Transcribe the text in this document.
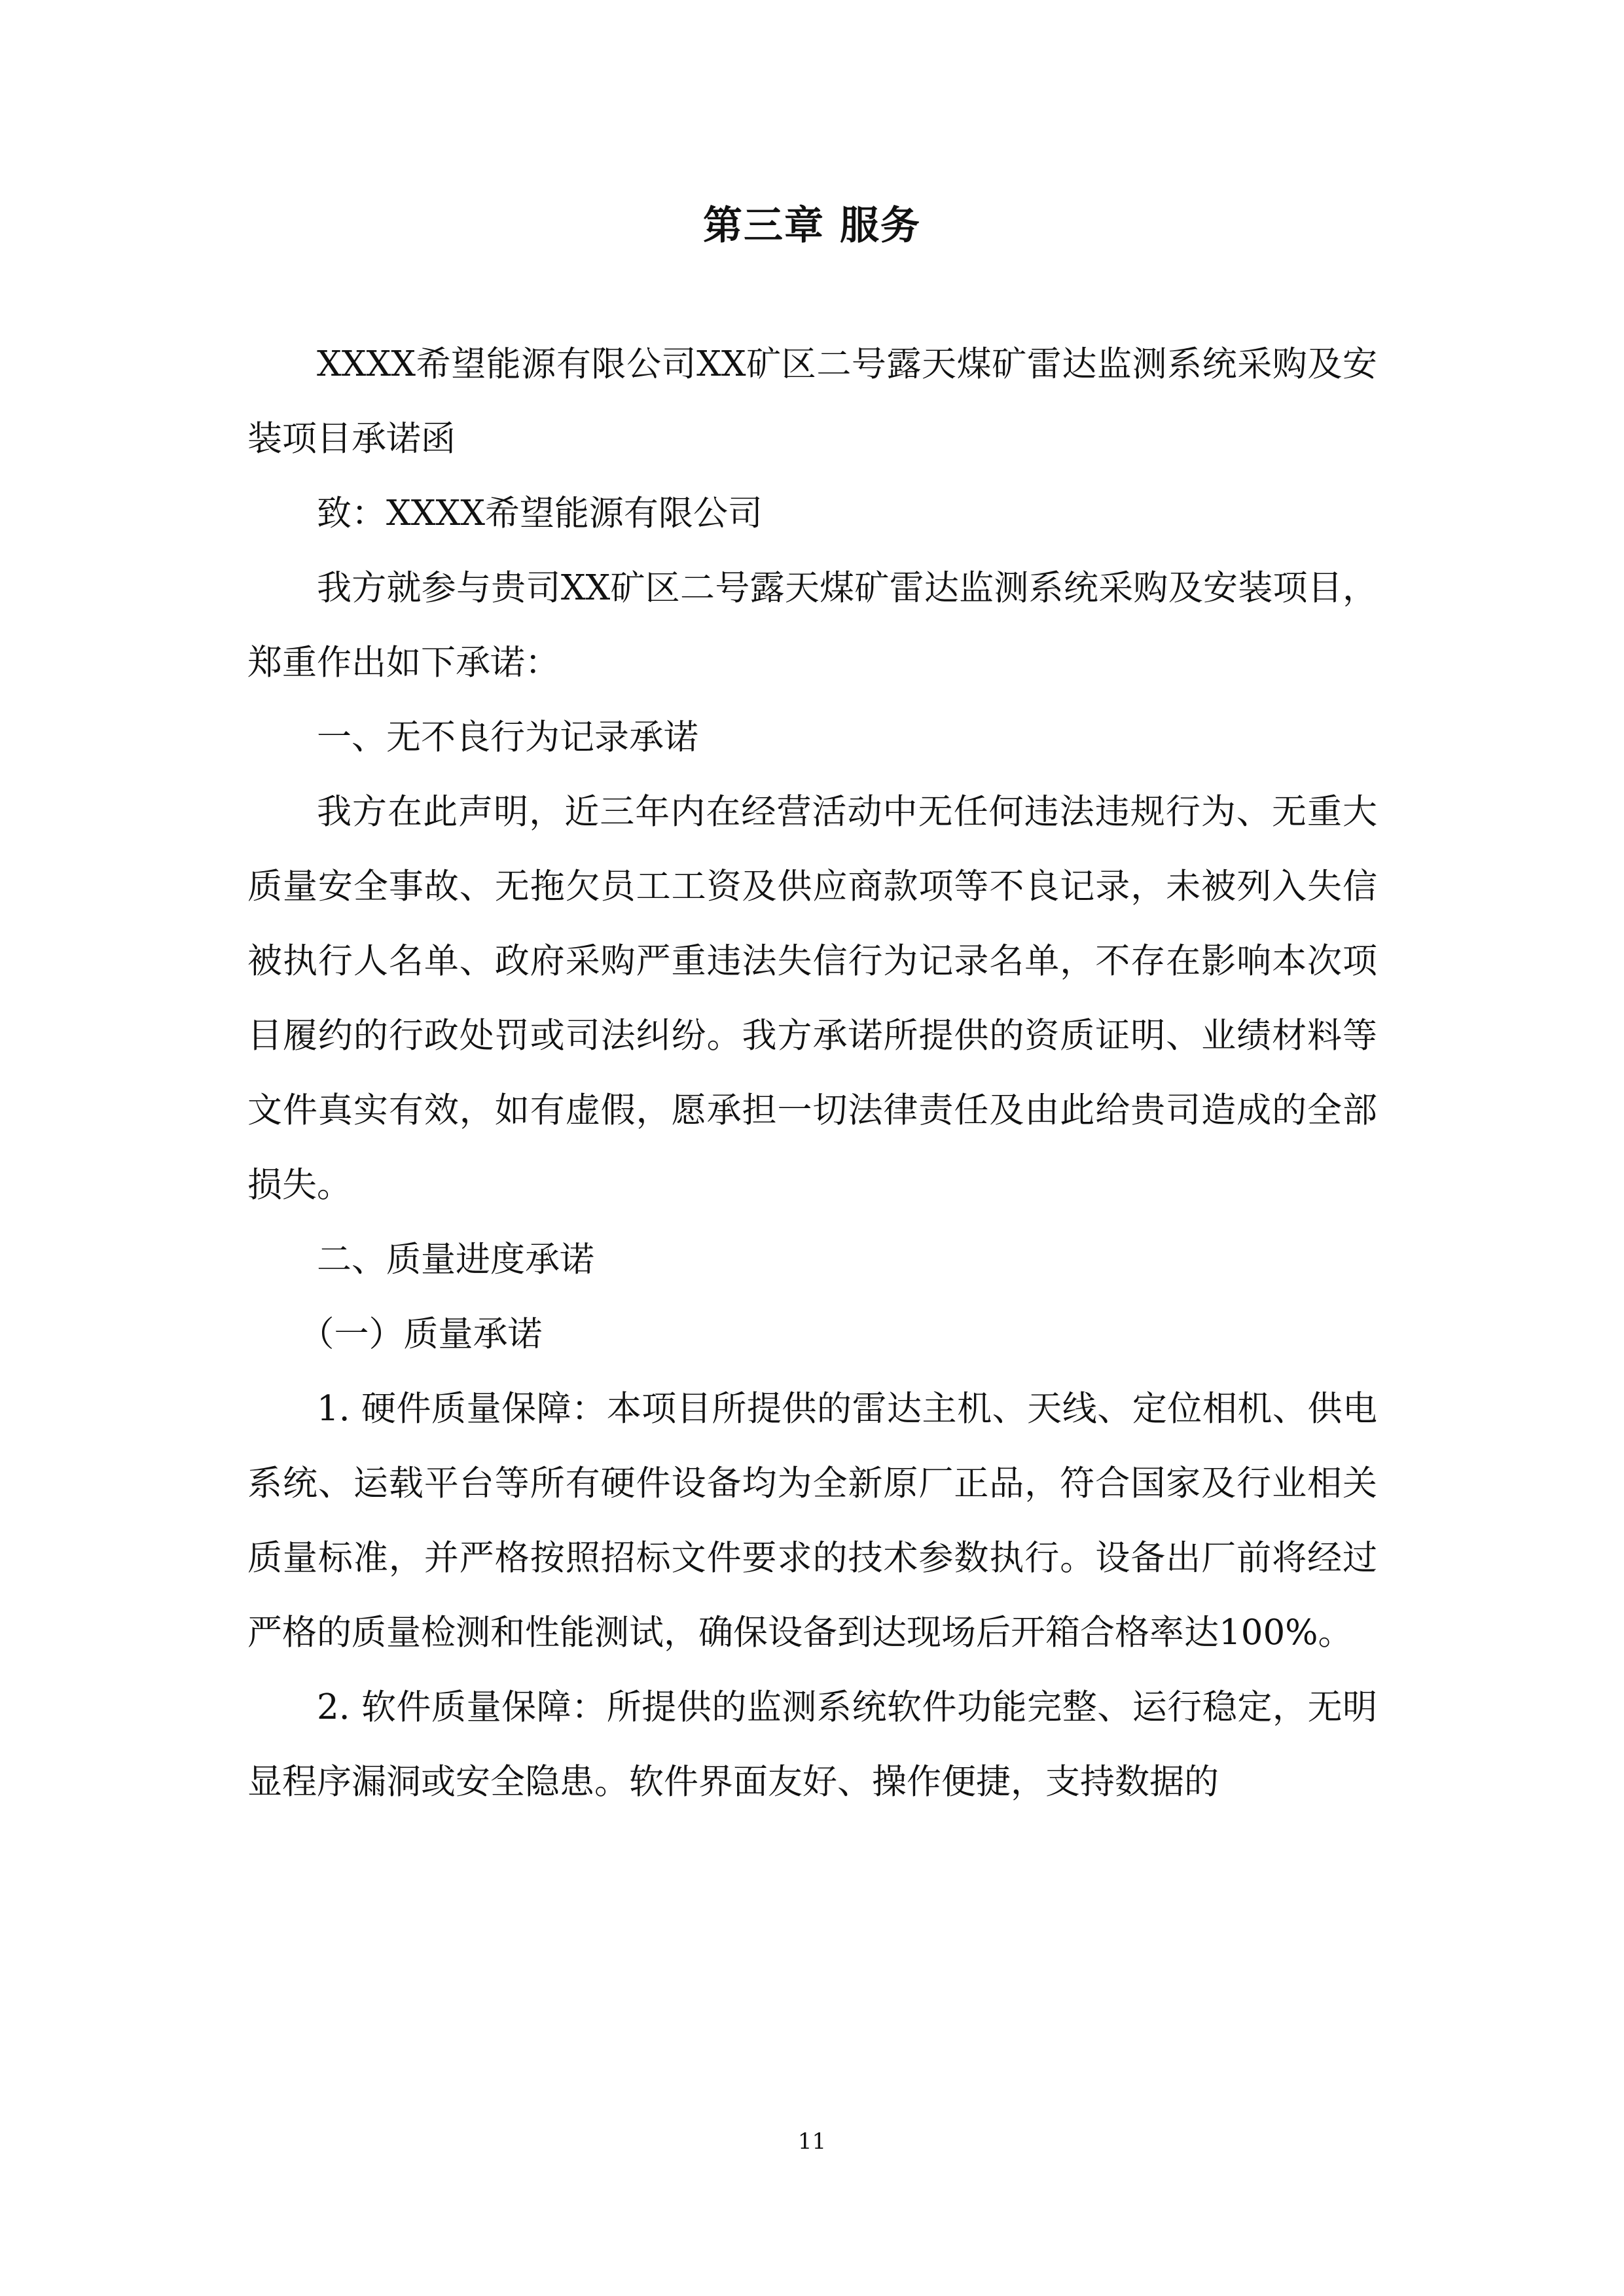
第三章 服务

XXXX希望能源有限公司XX矿区二号露天煤矿雷达监测系统采购及安装项目承诺函

致：XXXX希望能源有限公司

我方就参与贵司XX矿区二号露天煤矿雷达监测系统采购及安装项目，郑重作出如下承诺：

一、无不良行为记录承诺

我方在此声明，近三年内在经营活动中无任何违法违规行为、无重大质量安全事故、无拖欠员工工资及供应商款项等不良记录，未被列入失信被执行人名单、政府采购严重违法失信行为记录名单，不存在影响本次项目履约的行政处罚或司法纠纷。我方承诺所提供的资质证明、业绩材料等文件真实有效，如有虚假，愿承担一切法律责任及由此给贵司造成的全部损失。

二、质量进度承诺

（一）质量承诺

1. 硬件质量保障：本项目所提供的雷达主机、天线、定位相机、供电系统、运载平台等所有硬件设备均为全新原厂正品，符合国家及行业相关质量标准，并严格按照招标文件要求的技术参数执行。设备出厂前将经过严格的质量检测和性能测试，确保设备到达现场后开箱合格率达100%。

2. 软件质量保障：所提供的监测系统软件功能完整、运行稳定，无明显程序漏洞或安全隐患。软件界面友好、操作便捷，支持数据的

11
